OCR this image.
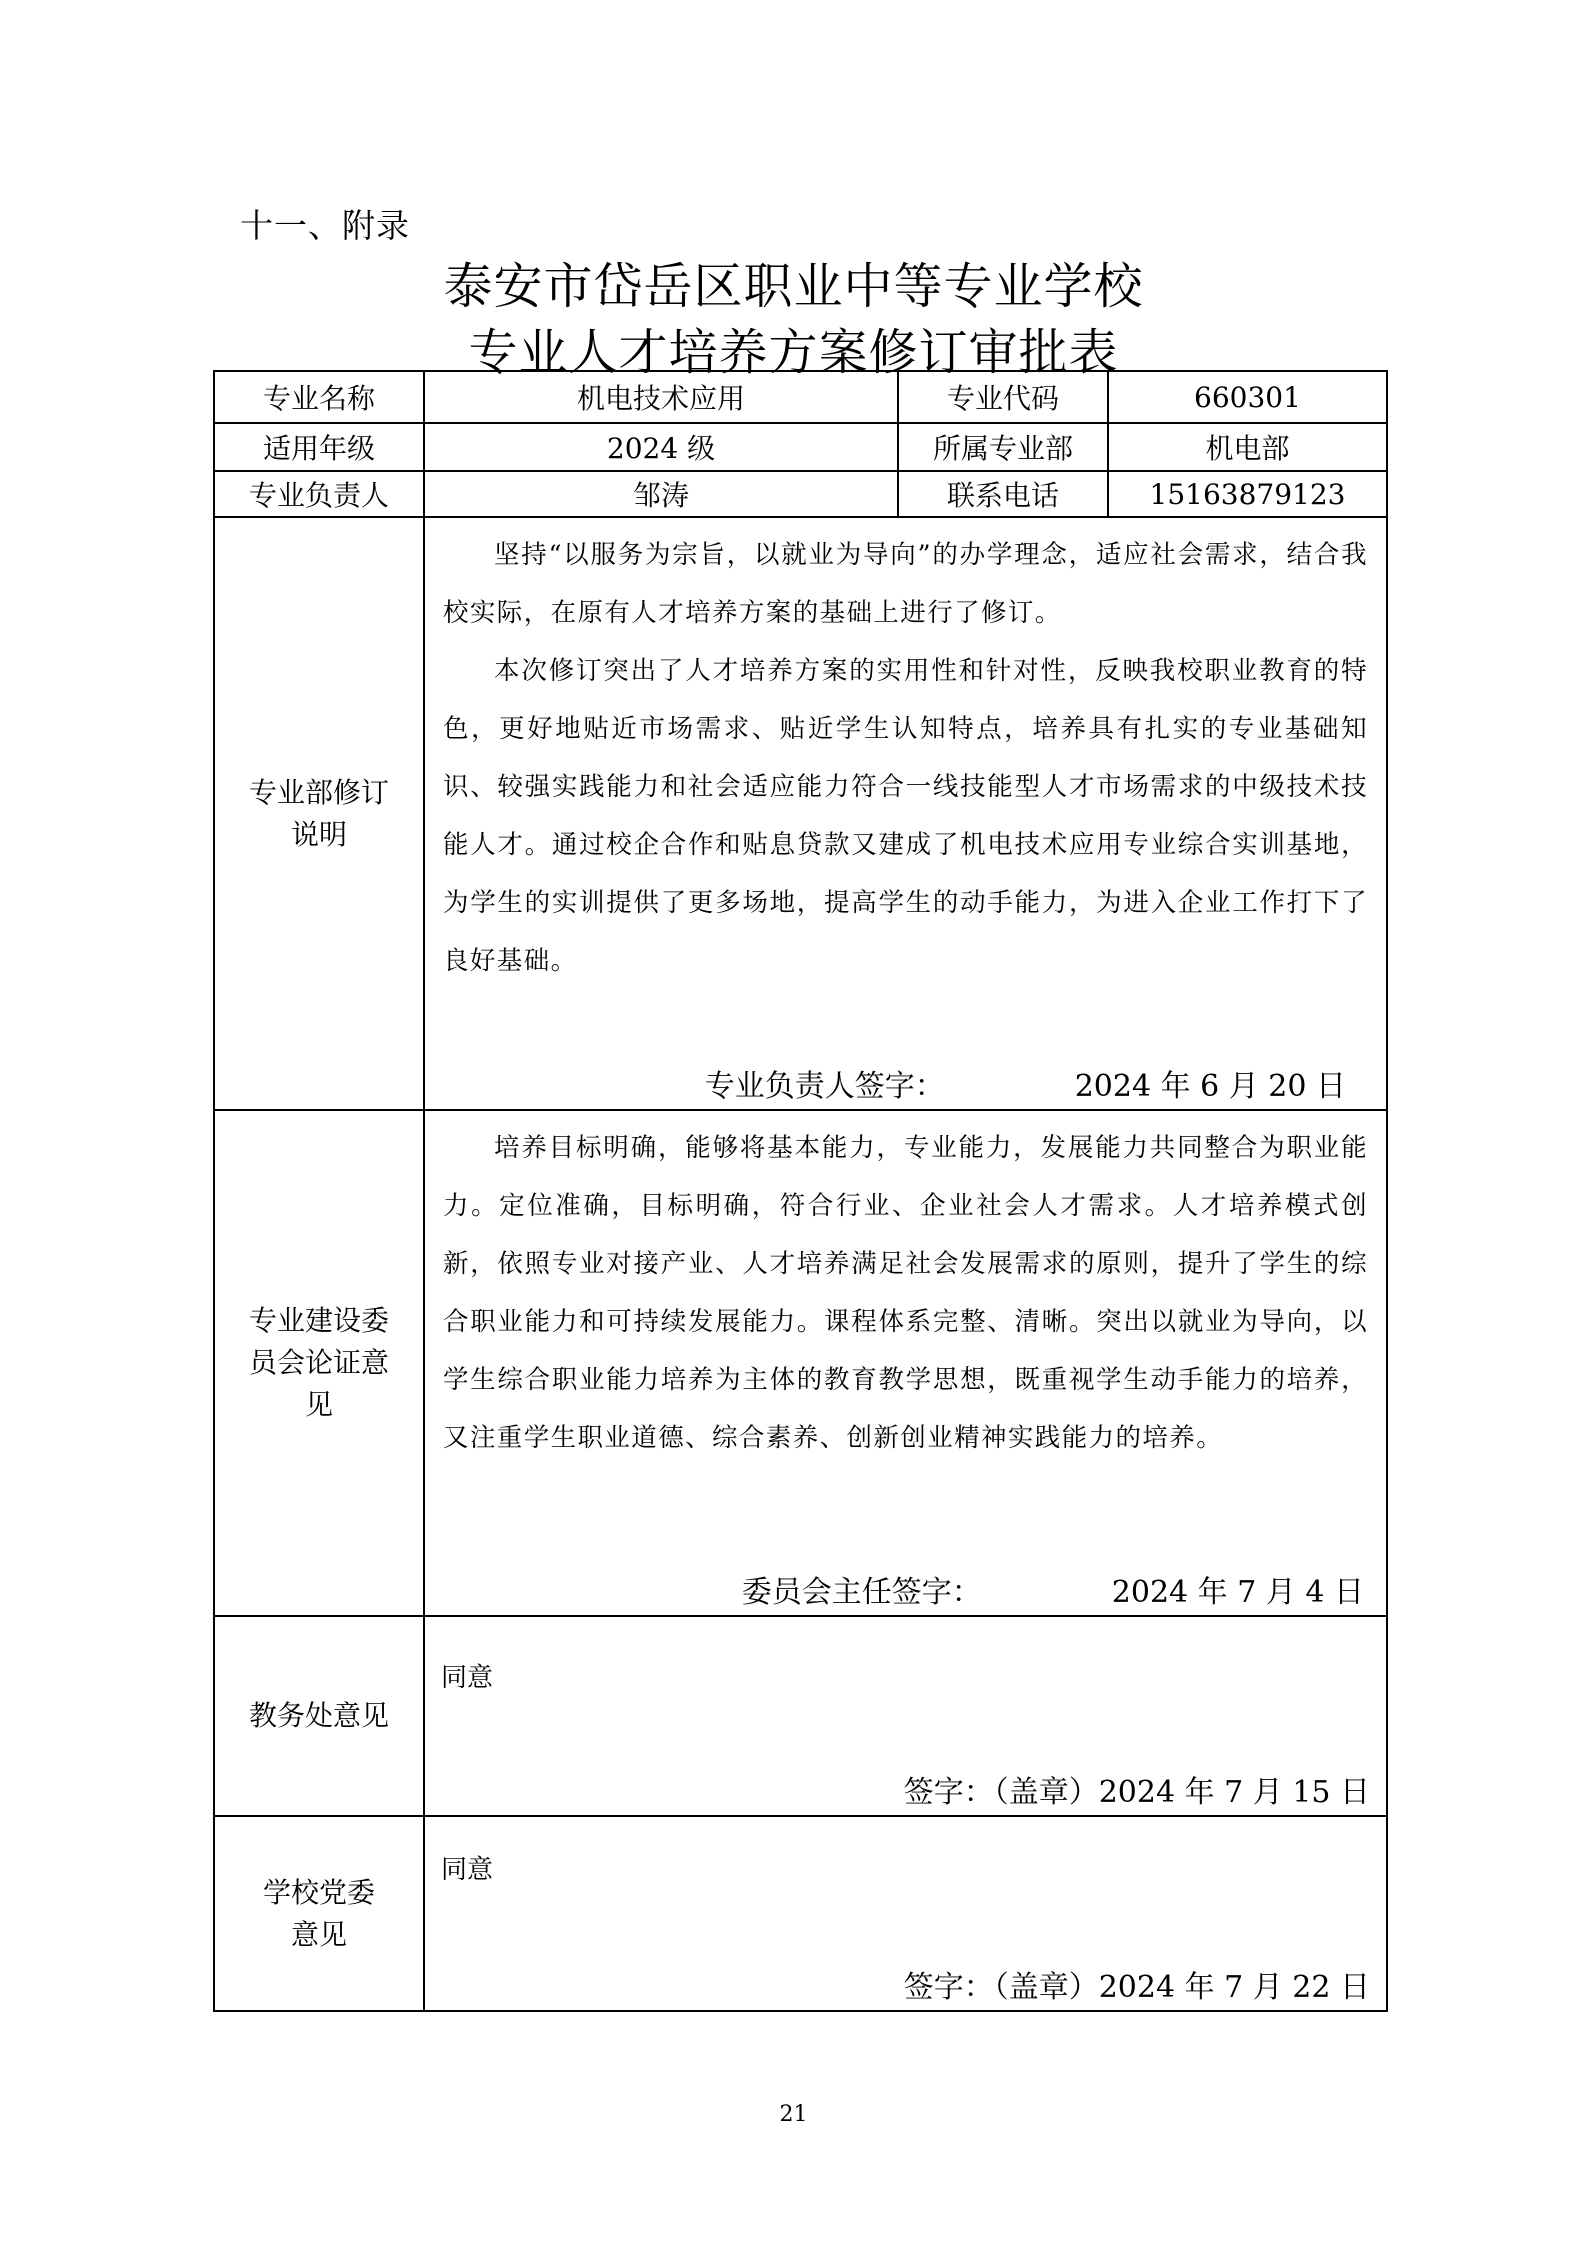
十一、附录
泰安市岱岳区职业中等专业学校
专业人才培养方案修订审批表
专业名称	机电技术应用	专业代码	660301
适用年级	2024 级	所属专业部	机电部
专业负责人	邹涛	联系电话	15163879123

专业部修订说明	坚持“以服务为宗旨，以就业为导向”的办学理念，适应社会需求，结合我校实际，在原有人才培养方案的基础上进行了修订。

本次修订突出了人才培养方案的实用性和针对性，反映我校职业教育的特色，更好地贴近市场需求、贴近学生认知特点，培养具有扎实的专业基础知识、较强实践能力和社会适应能力符合一线技能型人才市场需求的中级技术技能人才。通过校企合作和贴息贷款又建成了机电技术应用专业综合实训基地，为学生的实训提供了更多场地，提高学生的动手能力，为进入企业工作打下了良好基础。

专业负责人签字： 2024 年 6 月 20 日		

专业建设委员会论证意见	培养目标明确，能够将基本能力，专业能力，发展能力共同整合为职业能力。定位准确，目标明确，符合行业、企业社会人才需求。人才培养模式创新，依照专业对接产业、人才培养满足社会发展需求的原则，提升了学生的综合职业能力和可持续发展能力。课程体系完整、清晰。突出以就业为导向，以学生综合职业能力培养为主体的教育教学思想，既重视学生动手能力的培养，又注重学生职业道德、综合素养、创新创业精神实践能力的培养。

委员会主任签字： 2024 年 7 月 4 日		

教务处意见	同意
签字：（盖章）2024 年 7 月 15 日		

学校党委意见	同意
签字：（盖章）2024 年 7 月 22 日		
21
